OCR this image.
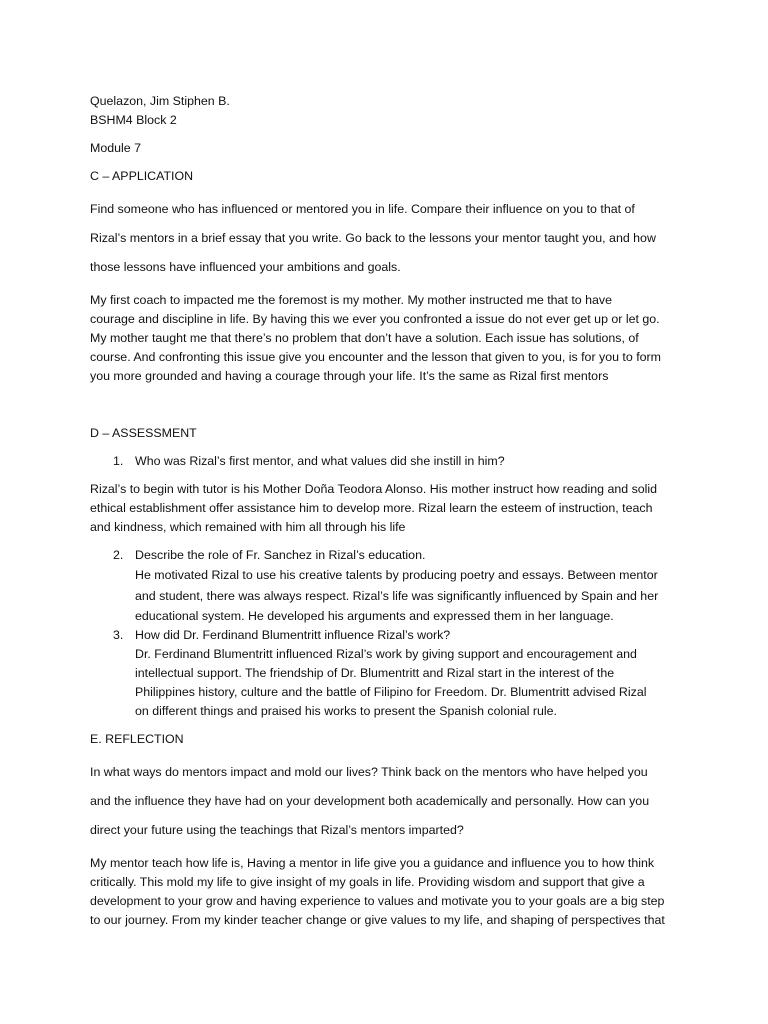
Quelazon, Jim Stiphen B.
BSHM4 Block 2
Module 7
C – APPLICATION
Find someone who has influenced or mentored you in life. Compare their influence on you to that of
Rizal’s mentors in a brief essay that you write. Go back to the lessons your mentor taught you, and how
those lessons have influenced your ambitions and goals.
My first coach to impacted me the foremost is my mother. My mother instructed me that to have
courage and discipline in life. By having this we ever you confronted a issue do not ever get up or let go.
My mother taught me that there’s no problem that don’t have a solution. Each issue has solutions, of
course. And confronting this issue give you encounter and the lesson that given to you, is for you to form
you more grounded and having a courage through your life. It’s the same as Rizal first mentors
D – ASSESSMENT
1. Who was Rizal’s first mentor, and what values did she instill in him?
Rizal’s to begin with tutor is his Mother Doña Teodora Alonso. His mother instruct how reading and solid
ethical establishment offer assistance him to develop more. Rizal learn the esteem of instruction, teach
and kindness, which remained with him all through his life
2. Describe the role of Fr. Sanchez in Rizal’s education.
He motivated Rizal to use his creative talents by producing poetry and essays. Between mentor
and student, there was always respect. Rizal’s life was significantly influenced by Spain and her
educational system. He developed his arguments and expressed them in her language.
3. How did Dr. Ferdinand Blumentritt influence Rizal’s work?
Dr. Ferdinand Blumentritt influenced Rizal’s work by giving support and encouragement and
intellectual support. The friendship of Dr. Blumentritt and Rizal start in the interest of the
Philippines history, culture and the battle of Filipino for Freedom. Dr. Blumentritt advised Rizal
on different things and praised his works to present the Spanish colonial rule.
E. REFLECTION
In what ways do mentors impact and mold our lives? Think back on the mentors who have helped you
and the influence they have had on your development both academically and personally. How can you
direct your future using the teachings that Rizal’s mentors imparted?
My mentor teach how life is, Having a mentor in life give you a guidance and influence you to how think
critically. This mold my life to give insight of my goals in life. Providing wisdom and support that give a
development to your grow and having experience to values and motivate you to your goals are a big step
to our journey. From my kinder teacher change or give values to my life, and shaping of perspectives that
